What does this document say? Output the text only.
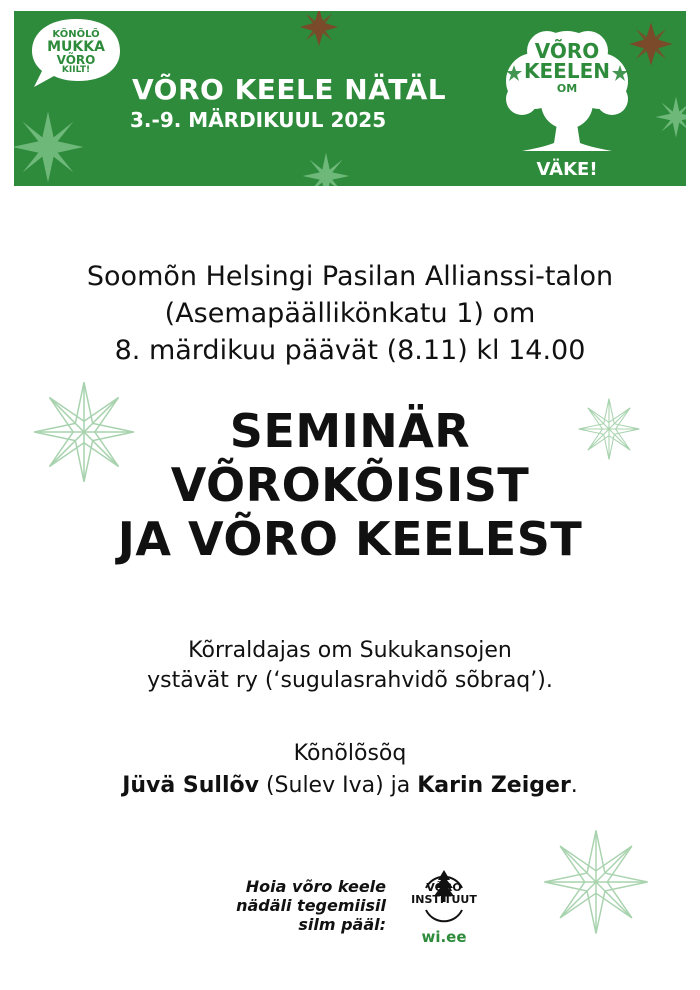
KÕNÕLÕ
MUKKA
VÕRO
KIILT!
VÕRO KEELE NÄTÄL
3.-9. MÄRDIKUUL 2025
VÕRO
KEELEN
OM
VÄKE!
Soomõn Helsingi Pasilan Allianssi-talon
(Asemapäällikönkatu 1) om
8. märdikuu päävät (8.11) kl 14.00
SEMINÄR
VÕROKÕISIST
JA VÕRO KEELEST
Kõrraldajas om Sukukansojen
ystävät ry (‘sugulasrahvidõ sõbraq’).
Kõnõlõsõq
Jüvä Sullõv (Sulev Iva) ja Karin Zeiger.
Hoia võro keele
nädäli tegemiisil
silm pääl:
VÕRO
INSTITUUT
wi.ee
